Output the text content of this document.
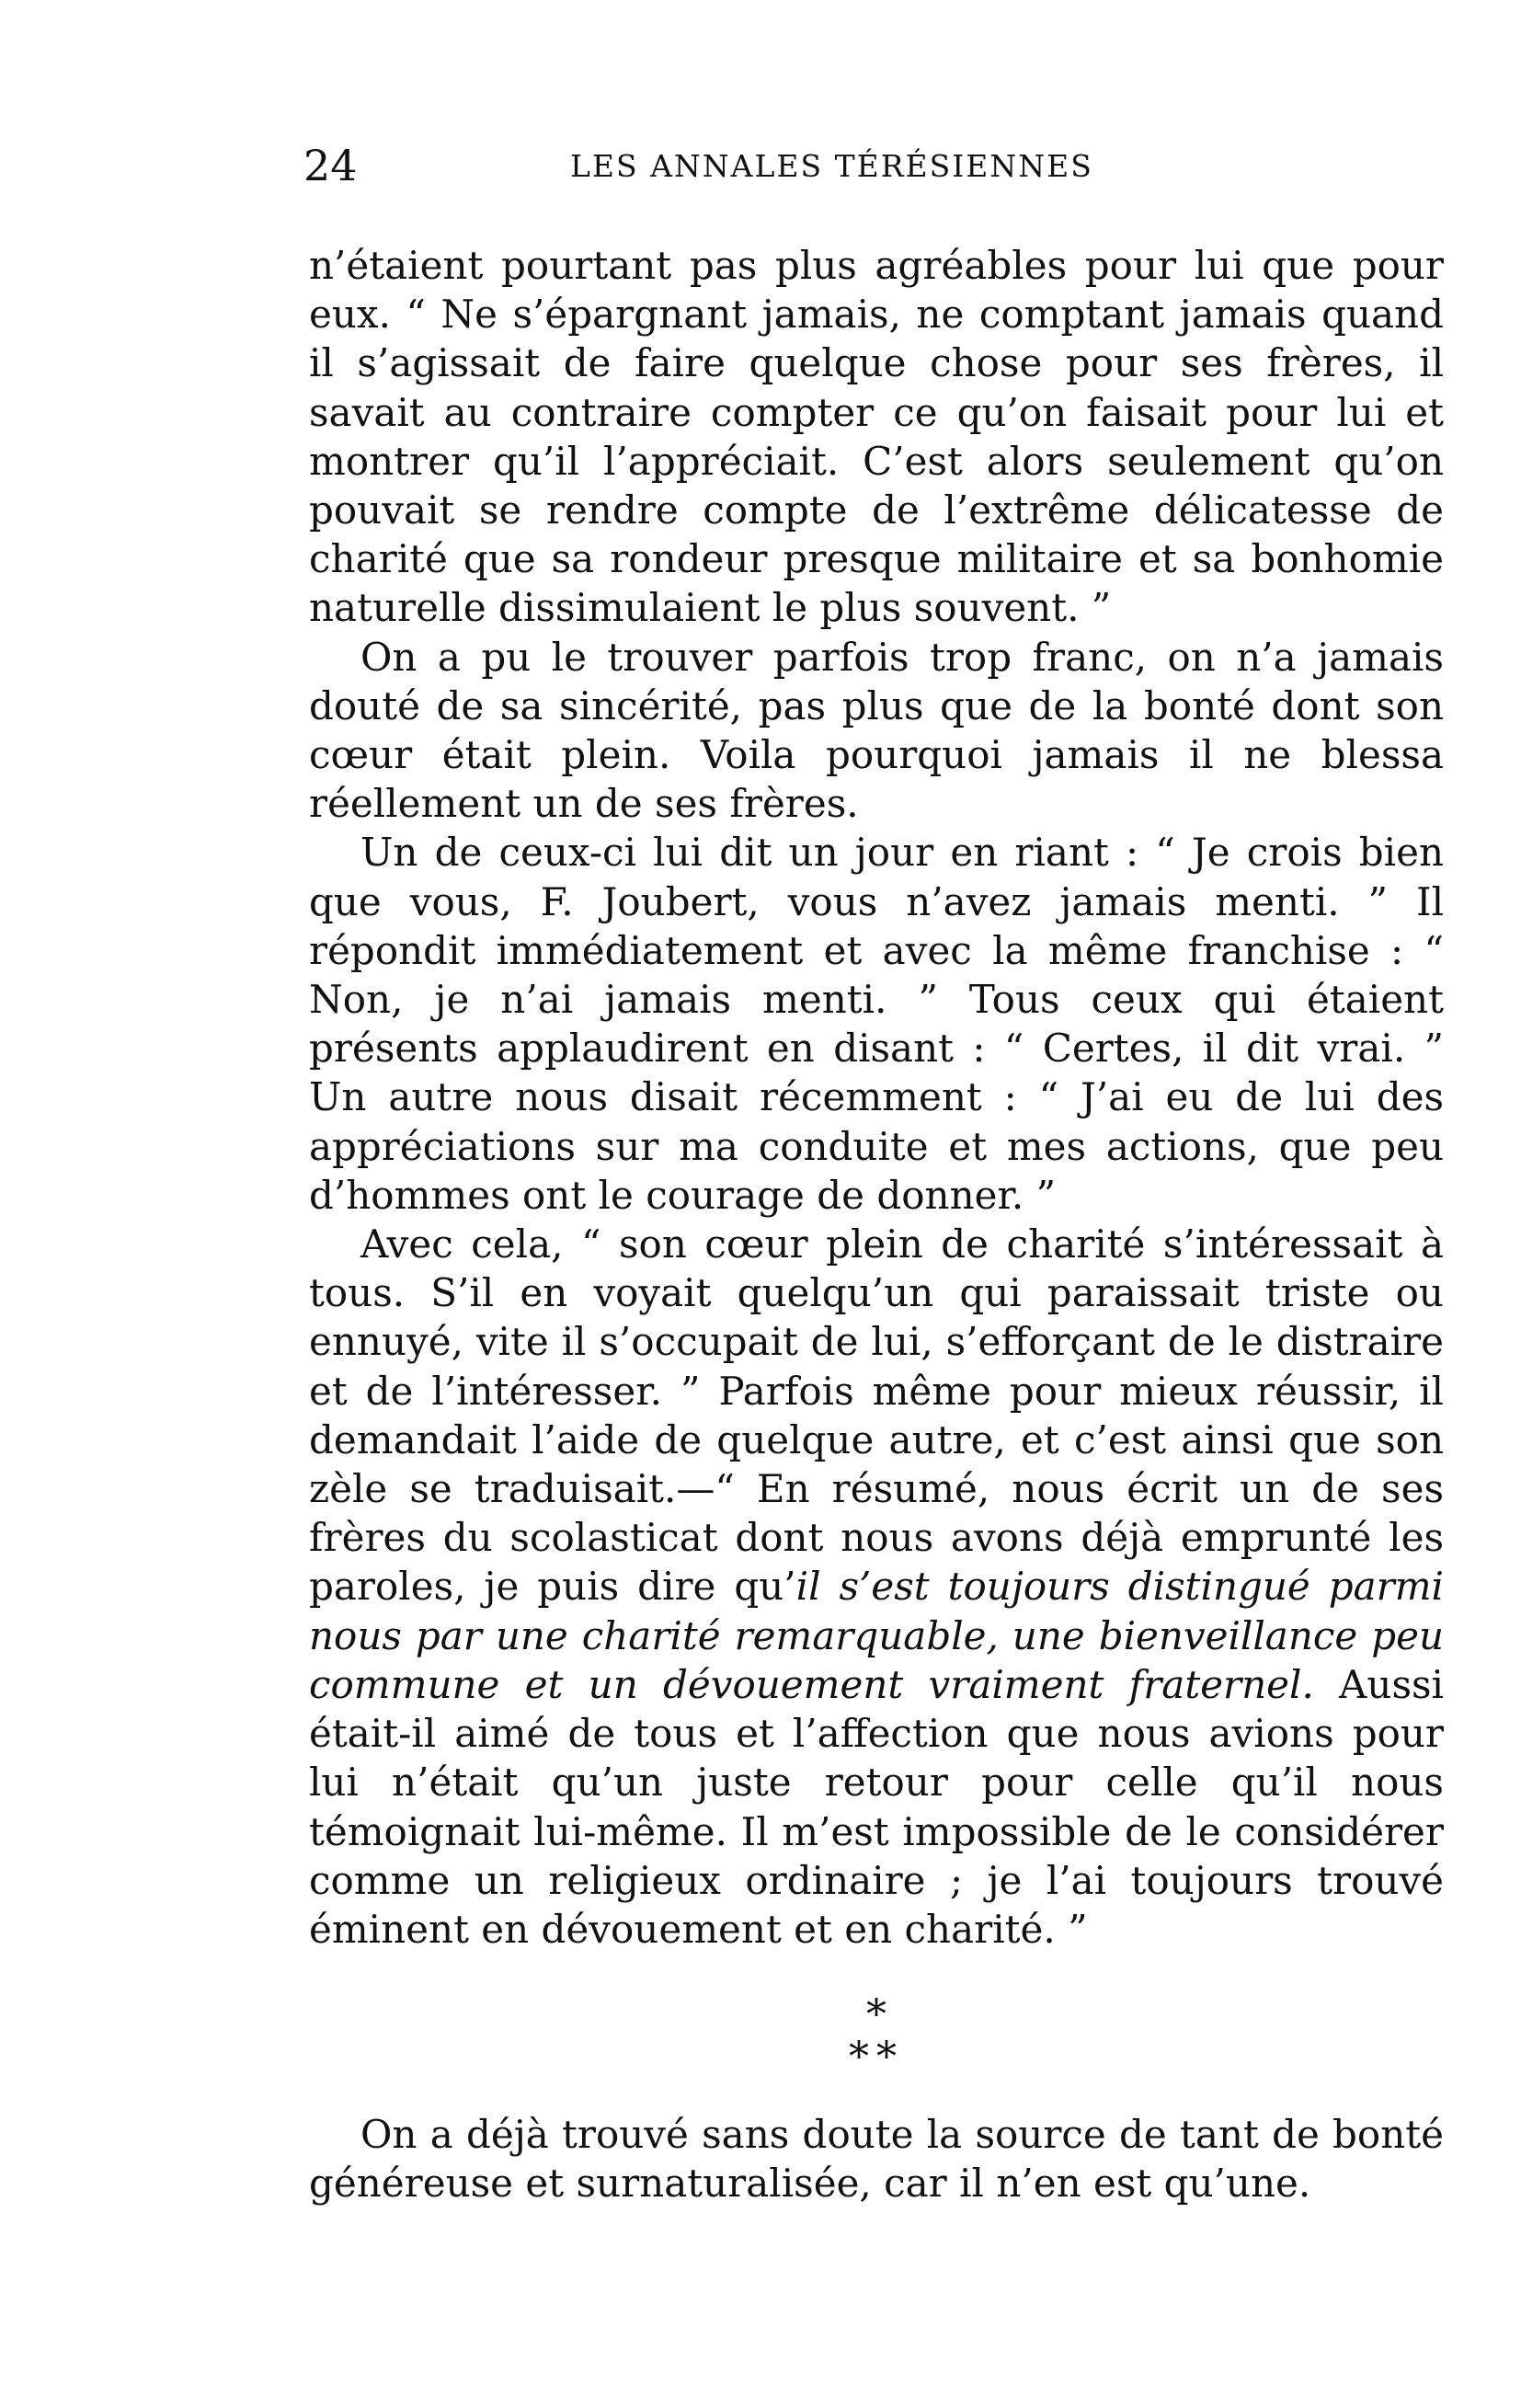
24	LES ANNALES TÉRÉSIENNES

n’étaient pourtant pas plus agréables pour lui que pour eux. “ Ne s’épargnant jamais, ne comptant jamais quand il s’agissait de faire quelque chose pour ses frères, il savait au contraire compter ce qu’on faisait pour lui et montrer qu’il l’appréciait. C’est alors seulement qu’on pouvait se rendre compte de l’extrême délicatesse de charité que sa rondeur presque militaire et sa bonhomie naturelle dissimulaient le plus souvent. ”

On a pu le trouver parfois trop franc, on n’a jamais douté de sa sincérité, pas plus que de la bonté dont son cœur était plein. Voila pourquoi jamais il ne blessa réellement un de ses frères.

Un de ceux-ci lui dit un jour en riant : “ Je crois bien que vous, F. Joubert, vous n’avez jamais menti. ” Il répondit immédiatement et avec la même franchise : “ Non, je n’ai jamais menti. ” Tous ceux qui étaient présents applaudirent en disant : “ Certes, il dit vrai. ” Un autre nous disait récemment : “ J’ai eu de lui des appréciations sur ma conduite et mes actions, que peu d’hommes ont le courage de donner. ”

Avec cela, “ son cœur plein de charité s’intéressait à tous. S’il en voyait quelqu’un qui paraissait triste ou ennuyé, vite il s’occupait de lui, s’efforçant de le distraire et de l’intéresser. ” Parfois même pour mieux réussir, il demandait l’aide de quelque autre, et c’est ainsi que son zèle se traduisait.—“ En résumé, nous écrit un de ses frères du scolasticat dont nous avons déjà emprunté les paroles, je puis dire qu’il s’est toujours distingué parmi nous par une charité remarquable, une bienveillance peu commune et un dévouement vraiment fraternel. Aussi était-il aimé de tous et l’affection que nous avions pour lui n’était qu’un juste retour pour celle qu’il nous témoignait lui-même. Il m’est impossible de le considérer comme un religieux ordinaire ; je l’ai toujours trouvé éminent en dévouement et en charité. ”

*
**

On a déjà trouvé sans doute la source de tant de bonté généreuse et surnaturalisée, car il n’en est qu’une.
